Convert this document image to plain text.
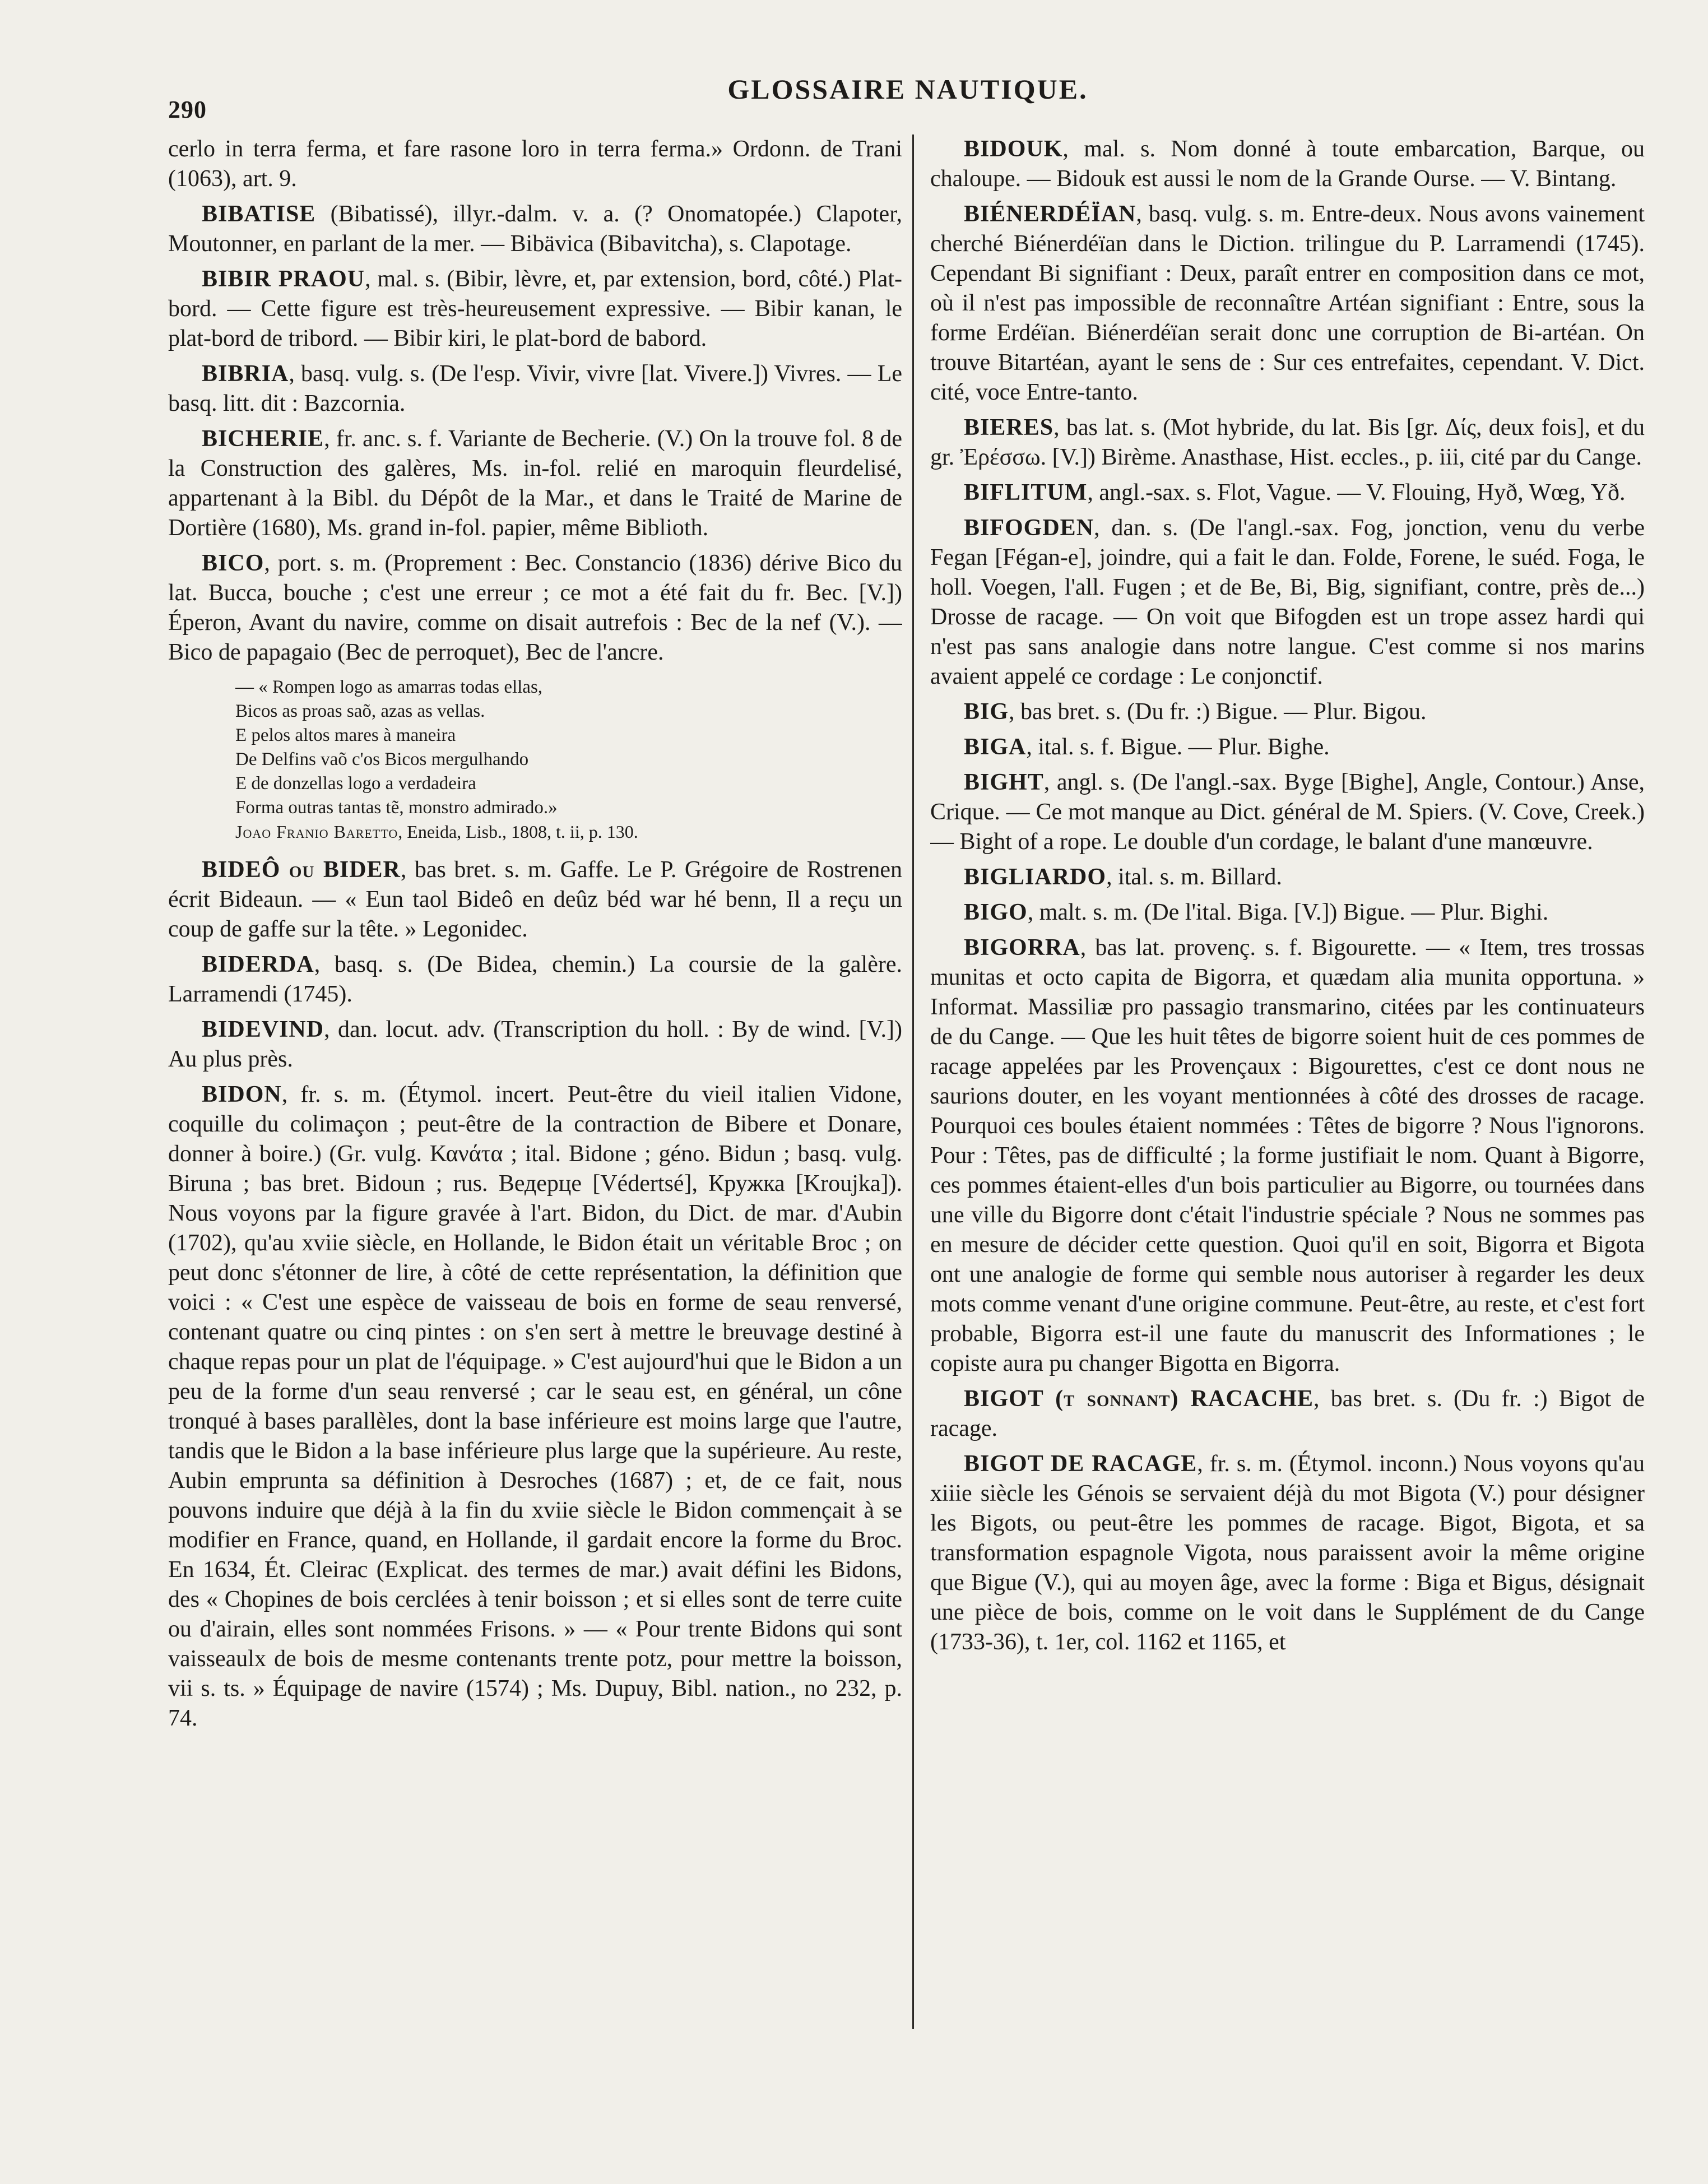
290
GLOSSAIRE NAUTIQUE.

cerlo in terra ferma, et fare rasone loro in terra ferma.» Ordonn. de Trani (1063), art. 9.

BIBATISE (Bibatissé), illyr.-dalm. v. a. (? Onomatopée.) Clapoter, Moutonner, en parlant de la mer. — Bibävica (Bibavitcha), s. Clapotage.

BIBIR PRAOU, mal. s. (Bibir, lèvre, et, par extension, bord, côté.) Plat-bord. — Cette figure est très-heureusement expressive. — Bibir kanan, le plat-bord de tribord. — Bibir kiri, le plat-bord de babord.

BIBRIA, basq. vulg. s. (De l'esp. Vivir, vivre [lat. Vivere.]) Vivres. — Le basq. litt. dit : Bazcornia.

BICHERIE, fr. anc. s. f. Variante de Becherie. (V.) On la trouve fol. 8 de la Construction des galères, Ms. in-fol. relié en maroquin fleurdelisé, appartenant à la Bibl. du Dépôt de la Mar., et dans le Traité de Marine de Dortière (1680), Ms. grand in-fol. papier, même Biblioth.

BICO, port. s. m. (Proprement : Bec. Constancio (1836) dérive Bico du lat. Bucca, bouche ; c'est une erreur ; ce mot a été fait du fr. Bec. [V.]) Éperon, Avant du navire, comme on disait autrefois : Bec de la nef (V.). — Bico de papagaio (Bec de perroquet), Bec de l'ancre.

— « Rompen logo as amarras todas ellas,
Bicos as proas saõ, azas as vellas.
E pelos altos mares à maneira
De Delfins vaõ c'os Bicos mergulhando
E de donzellas logo a verdadeira
Forma outras tantas tẽ, monstro admirado.»
Joao Franio Baretto, Eneida, Lisb., 1808, t. ii, p. 130.

BIDEÔ ou BIDER, bas bret. s. m. Gaffe. Le P. Grégoire de Rostrenen écrit Bideaun. — « Eun taol Bideô en deûz béd war hé benn, Il a reçu un coup de gaffe sur la tête. » Legonidec.

BIDERDA, basq. s. (De Bidea, chemin.) La coursie de la galère. Larramendi (1745).

BIDEVIND, dan. locut. adv. (Transcription du holl. : By de wind. [V.]) Au plus près.

BIDON, fr. s. m. (Étymol. incert. Peut-être du vieil italien Vidone, coquille du colimaçon ; peut-être de la contraction de Bibere et Donare, donner à boire.) (Gr. vulg. Κανάτα ; ital. Bidone ; géno. Bidun ; basq. vulg. Biruna ; bas bret. Bidoun ; rus. Ведерце [Védertsé], Кружка [Kroujka]). Nous voyons par la figure gravée à l'art. Bidon, du Dict. de mar. d'Aubin (1702), qu'au xviie siècle, en Hollande, le Bidon était un véritable Broc ; on peut donc s'étonner de lire, à côté de cette représentation, la définition que voici : « C'est une espèce de vaisseau de bois en forme de seau renversé, contenant quatre ou cinq pintes : on s'en sert à mettre le breuvage destiné à chaque repas pour un plat de l'équipage. » C'est aujourd'hui que le Bidon a un peu de la forme d'un seau renversé ; car le seau est, en général, un cône tronqué à bases parallèles, dont la base inférieure est moins large que l'autre, tandis que le Bidon a la base inférieure plus large que la supérieure. Au reste, Aubin emprunta sa définition à Desroches (1687) ; et, de ce fait, nous pouvons induire que déjà à la fin du xviie siècle le Bidon commençait à se modifier en France, quand, en Hollande, il gardait encore la forme du Broc. En 1634, Ét. Cleirac (Explicat. des termes de mar.) avait défini les Bidons, des « Chopines de bois cerclées à tenir boisson ; et si elles sont de terre cuite ou d'airain, elles sont nommées Frisons. » — « Pour trente Bidons qui sont vaisseaulx de bois de mesme contenants trente potz, pour mettre la boisson, vii s. ts. » Équipage de navire (1574) ; Ms. Dupuy, Bibl. nation., no 232, p. 74.

BIDOUK, mal. s. Nom donné à toute embarcation, Barque, ou chaloupe. — Bidouk est aussi le nom de la Grande Ourse. — V. Bintang.

BIÉNERDÉÏAN, basq. vulg. s. m. Entre-deux. Nous avons vainement cherché Biénerdéïan dans le Diction. trilingue du P. Larramendi (1745). Cependant Bi signifiant : Deux, paraît entrer en composition dans ce mot, où il n'est pas impossible de reconnaître Artéan signifiant : Entre, sous la forme Erdéïan. Biénerdéïan serait donc une corruption de Bi-artéan. On trouve Bitartéan, ayant le sens de : Sur ces entrefaites, cependant. V. Dict. cité, voce Entre-tanto.

BIERES, bas lat. s. (Mot hybride, du lat. Bis [gr. Δίς, deux fois], et du gr. Ἐρέσσω. [V.]) Birème. Anasthase, Hist. eccles., p. iii, cité par du Cange.

BIFLITUM, angl.-sax. s. Flot, Vague. — V. Flouing, Hyð, Wœg, Yð.

BIFOGDEN, dan. s. (De l'angl.-sax. Fog, jonction, venu du verbe Fegan [Fégan-e], joindre, qui a fait le dan. Folde, Forene, le suéd. Foga, le holl. Voegen, l'all. Fugen ; et de Be, Bi, Big, signifiant, contre, près de...) Drosse de racage. — On voit que Bifogden est un trope assez hardi qui n'est pas sans analogie dans notre langue. C'est comme si nos marins avaient appelé ce cordage : Le conjonctif.

BIG, bas bret. s. (Du fr. :) Bigue. — Plur. Bigou.

BIGA, ital. s. f. Bigue. — Plur. Bighe.

BIGHT, angl. s. (De l'angl.-sax. Byge [Bighe], Angle, Contour.) Anse, Crique. — Ce mot manque au Dict. général de M. Spiers. (V. Cove, Creek.) — Bight of a rope. Le double d'un cordage, le balant d'une manœuvre.

BIGLIARDO, ital. s. m. Billard.

BIGO, malt. s. m. (De l'ital. Biga. [V.]) Bigue. — Plur. Bighi.

BIGORRA, bas lat. provenç. s. f. Bigourette. — « Item, tres trossas munitas et octo capita de Bigorra, et quædam alia munita opportuna. » Informat. Massiliæ pro passagio transmarino, citées par les continuateurs de du Cange. — Que les huit têtes de bigorre soient huit de ces pommes de racage appelées par les Provençaux : Bigourettes, c'est ce dont nous ne saurions douter, en les voyant mentionnées à côté des drosses de racage. Pourquoi ces boules étaient nommées : Têtes de bigorre ? Nous l'ignorons. Pour : Têtes, pas de difficulté ; la forme justifiait le nom. Quant à Bigorre, ces pommes étaient-elles d'un bois particulier au Bigorre, ou tournées dans une ville du Bigorre dont c'était l'industrie spéciale ? Nous ne sommes pas en mesure de décider cette question. Quoi qu'il en soit, Bigorra et Bigota ont une analogie de forme qui semble nous autoriser à regarder les deux mots comme venant d'une origine commune. Peut-être, au reste, et c'est fort probable, Bigorra est-il une faute du manuscrit des Informationes ; le copiste aura pu changer Bigotta en Bigorra.

BIGOT (t sonnant) RACACHE, bas bret. s. (Du fr. :) Bigot de racage.

BIGOT DE RACAGE, fr. s. m. (Étymol. inconn.) Nous voyons qu'au xiiie siècle les Génois se servaient déjà du mot Bigota (V.) pour désigner les Bigots, ou peut-être les pommes de racage. Bigot, Bigota, et sa transformation espagnole Vigota, nous paraissent avoir la même origine que Bigue (V.), qui au moyen âge, avec la forme : Biga et Bigus, désignait une pièce de bois, comme on le voit dans le Supplément de du Cange (1733-36), t. 1er, col. 1162 et 1165, et
